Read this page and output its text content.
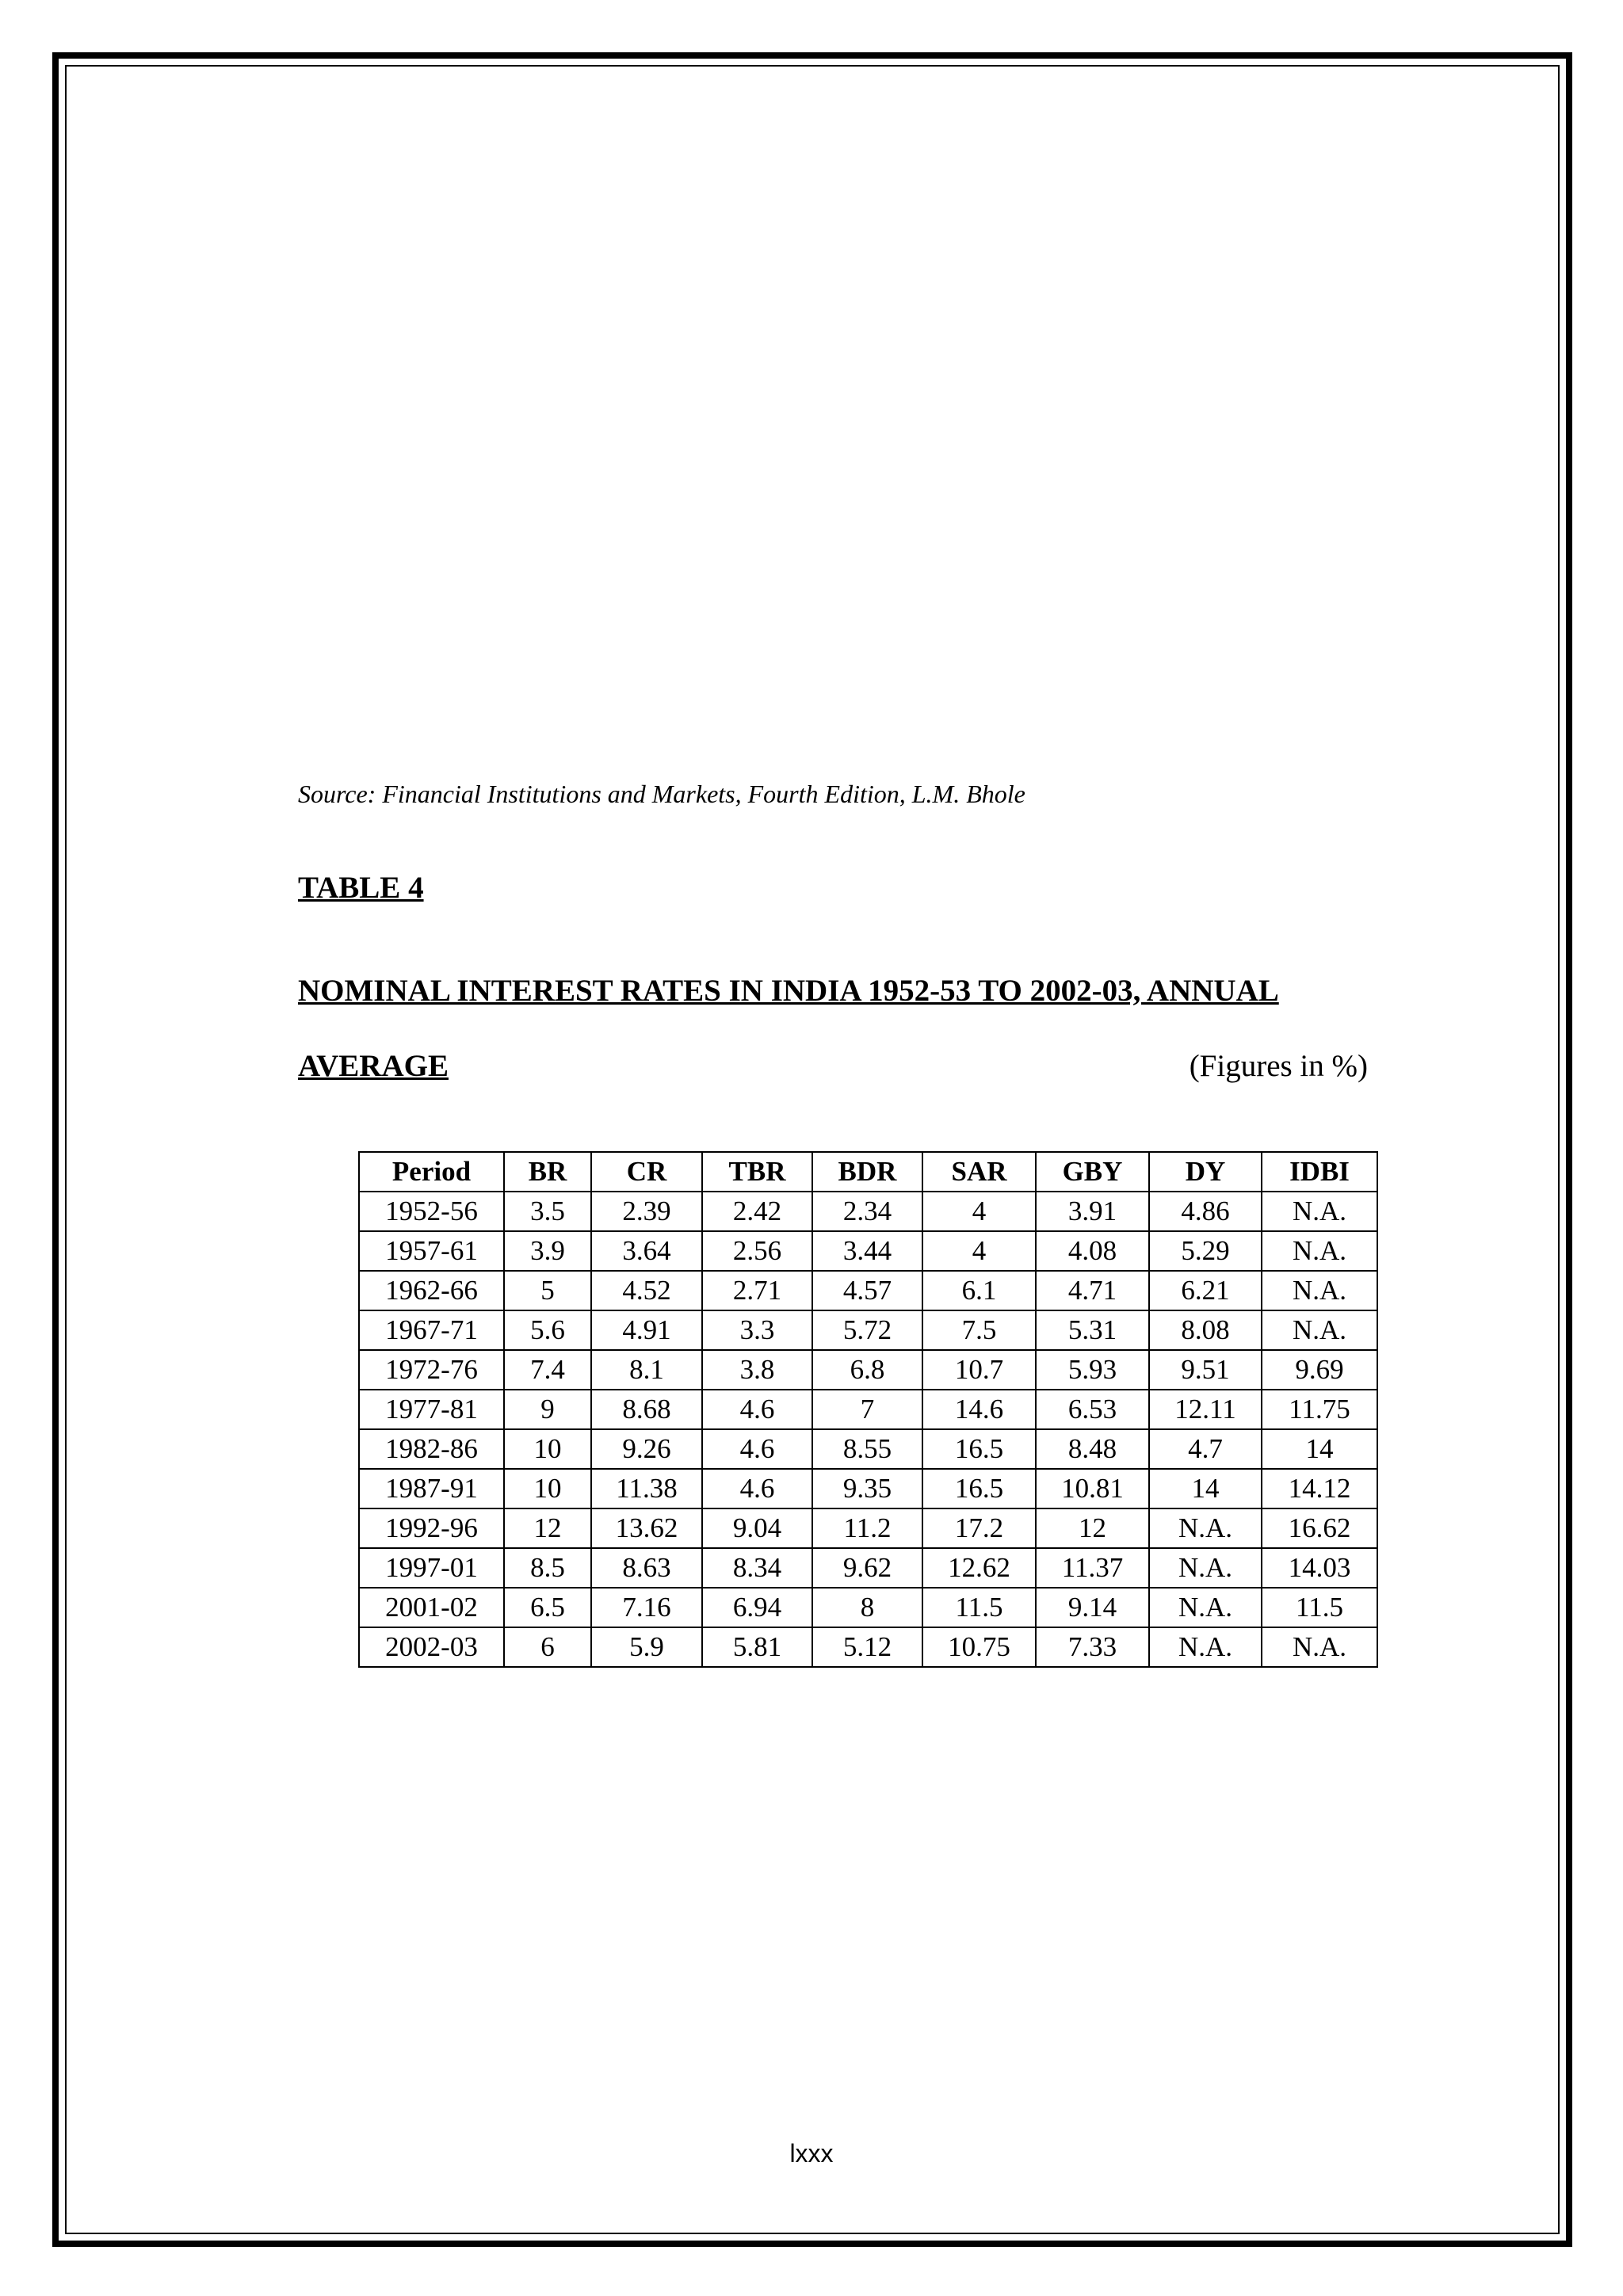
Source: Financial Institutions and Markets, Fourth Edition, L.M. Bhole
TABLE 4
NOMINAL INTEREST RATES IN INDIA 1952-53 TO 2002-03, ANNUAL
AVERAGE	(Figures in %)
Period	BR	CR	TBR	BDR	SAR	GBY	DY	IDBI
1952-56	3.5	2.39	2.42	2.34	4	3.91	4.86	N.A.
1957-61	3.9	3.64	2.56	3.44	4	4.08	5.29	N.A.
1962-66	5	4.52	2.71	4.57	6.1	4.71	6.21	N.A.
1967-71	5.6	4.91	3.3	5.72	7.5	5.31	8.08	N.A.
1972-76	7.4	8.1	3.8	6.8	10.7	5.93	9.51	9.69
1977-81	9	8.68	4.6	7	14.6	6.53	12.11	11.75
1982-86	10	9.26	4.6	8.55	16.5	8.48	4.7	14
1987-91	10	11.38	4.6	9.35	16.5	10.81	14	14.12
1992-96	12	13.62	9.04	11.2	17.2	12	N.A.	16.62
1997-01	8.5	8.63	8.34	9.62	12.62	11.37	N.A.	14.03
2001-02	6.5	7.16	6.94	8	11.5	9.14	N.A.	11.5
2002-03	6	5.9	5.81	5.12	10.75	7.33	N.A.	N.A.
lxxx
